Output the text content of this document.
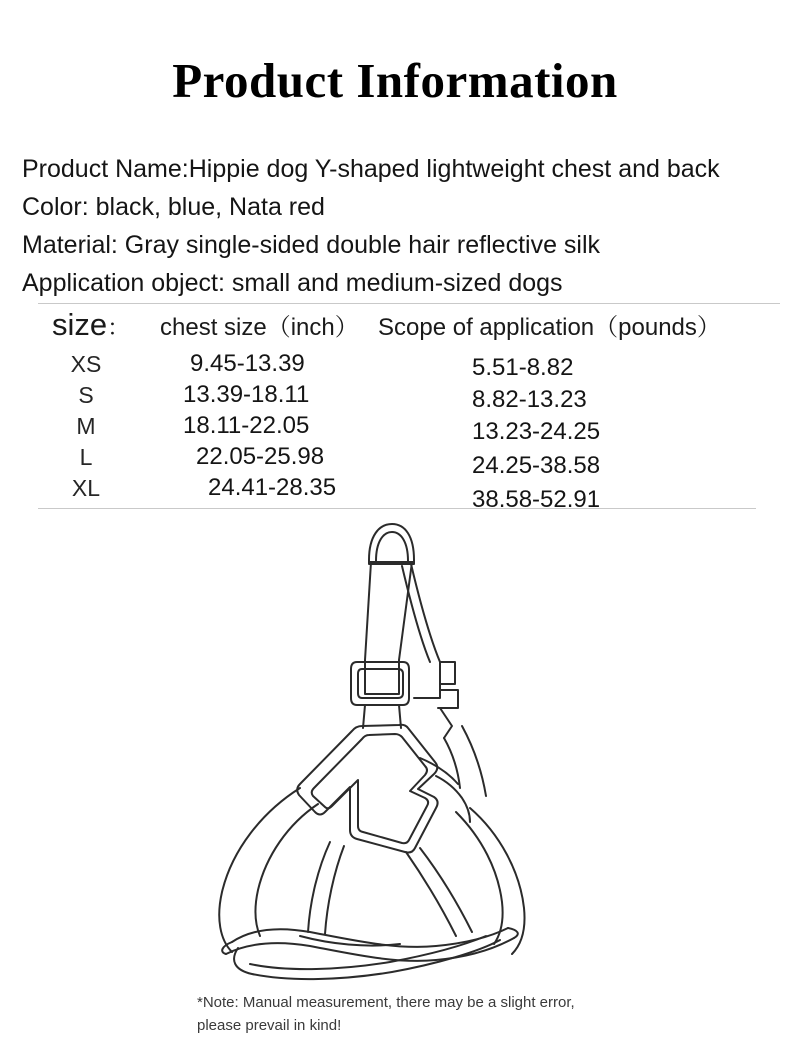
Product Information
Product Name:Hippie dog Y-shaped lightweight chest and back
Color: black, blue, Nata red
Material: Gray single-sided double hair reflective silk
Application object: small and medium-sized dogs
size： chest size（inch） Scope of application（pounds）
XS	9.45-13.39	5.51-8.82
S	13.39-18.11	8.82-13.23
M	18.11-22.05	13.23-24.25
L	22.05-25.98	24.25-38.58
XL	24.41-28.35	38.58-52.91
*Note: Manual measurement, there may be a slight error,
please prevail in kind!
